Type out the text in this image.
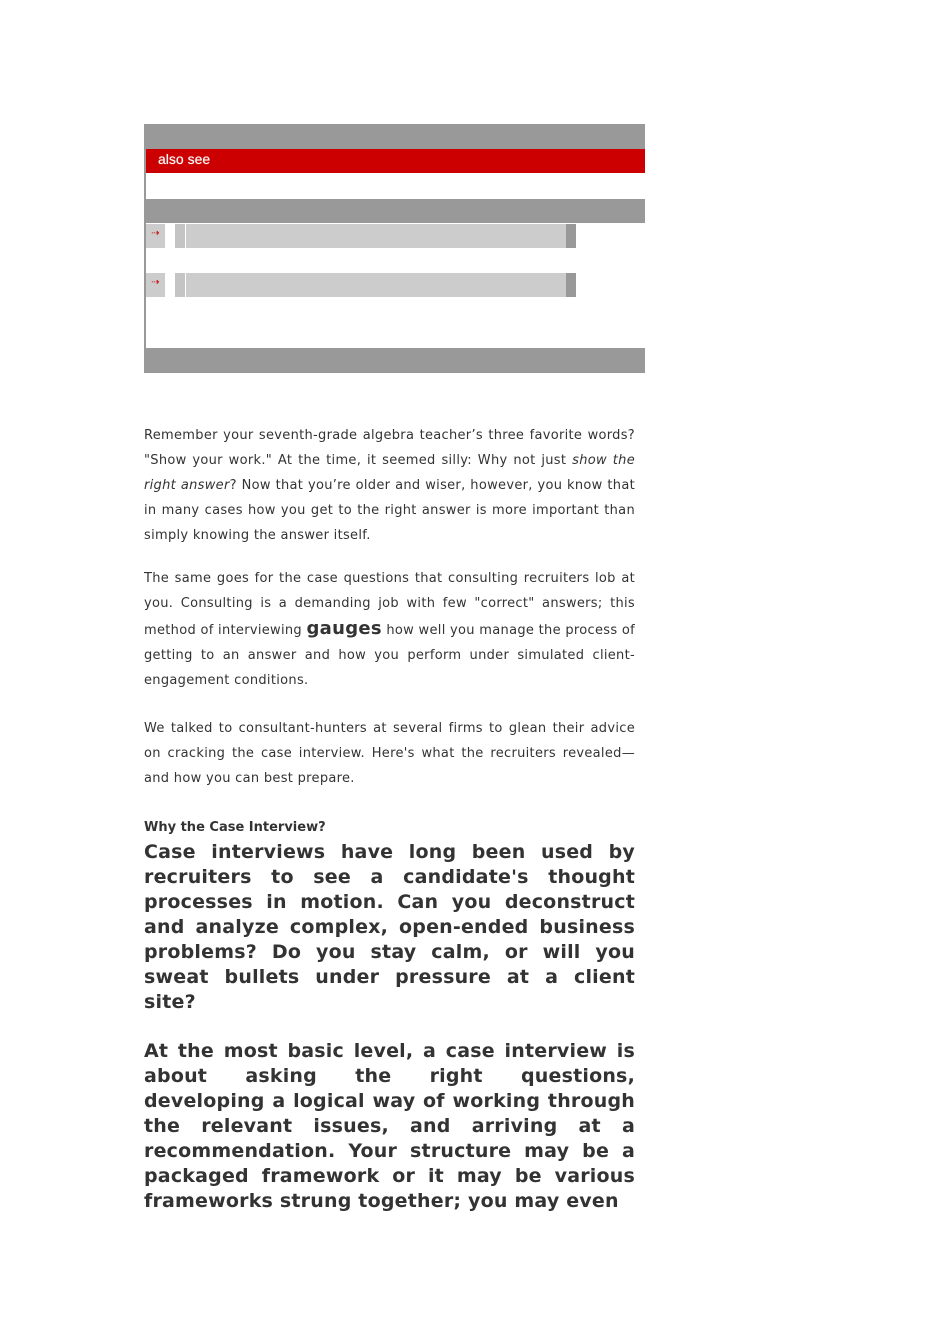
also see
⇢
⇢

Remember your seventh-grade algebra teacher’s three favorite words? "Show your work." At the time, it seemed silly: Why not just show the right answer? Now that you’re older and wiser, however, you know that in many cases how you get to the right answer is more important than simply knowing the answer itself.

The same goes for the case questions that consulting recruiters lob at you. Consulting is a demanding job with few "correct" answers; this method of interviewing gauges how well you manage the process of getting to an answer and how you perform under simulated client-engagement conditions.

We talked to consultant-hunters at several firms to glean their advice on cracking the case interview. Here's what the recruiters revealed—and how you can best prepare.

Why the Case Interview?

Case interviews have long been used by recruiters to see a candidate's thought processes in motion. Can you deconstruct and analyze complex, open-ended business problems? Do you stay calm, or will you sweat bullets under pressure at a client site?

At the most basic level, a case interview is about asking the right questions, developing a logical way of working through the relevant issues, and arriving at a recommendation. Your structure may be a packaged framework or it may be various frameworks strung together; you may even
